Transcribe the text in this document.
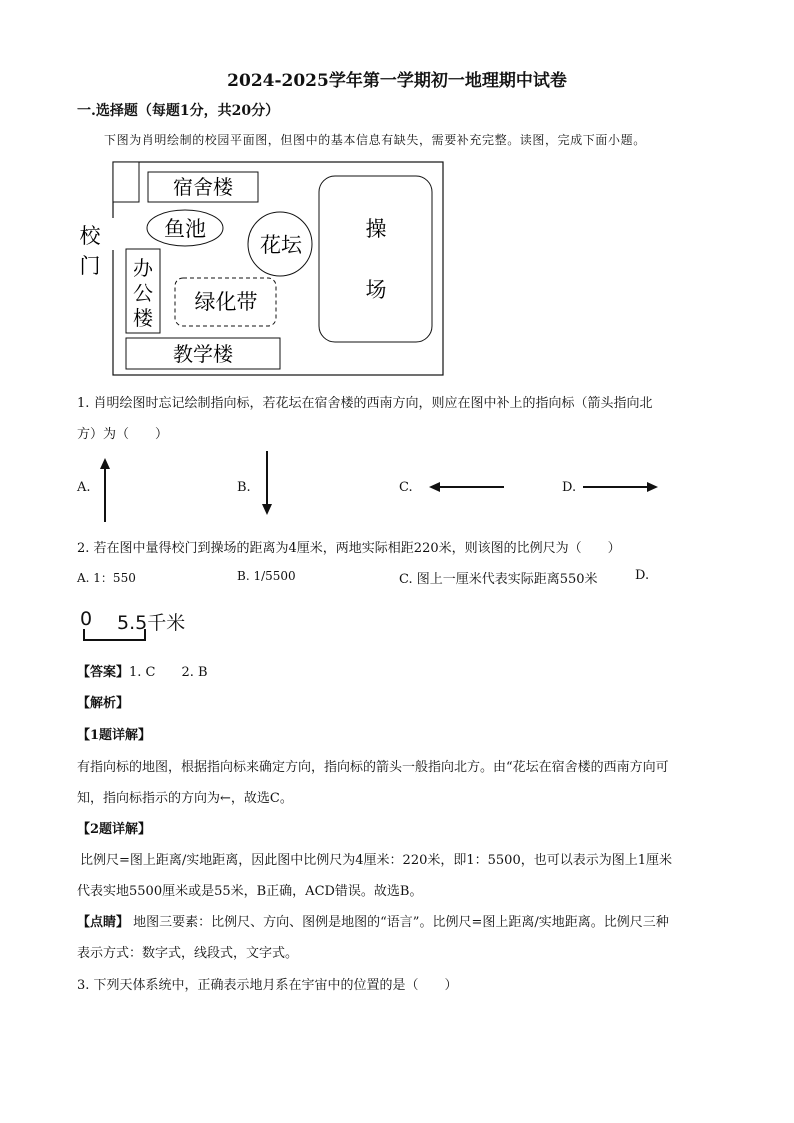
2024-2025学年第一学期初一地理期中试卷
一.选择题（每题1分，共20分）
下图为肖明绘制的校园平面图，但图中的基本信息有缺失，需要补充完整。读图，完成下面小题。
宿舍楼
鱼池
花坛
办
公
楼
绿化带
教学楼
操
场
校
门
1. 肖明绘图时忘记绘制指向标，若花坛在宿舍楼的西南方向，则应在图中补上的指向标（箭头指向北
方）为（　　）
A.	B.	C.	D.
2. 若在图中量得校门到操场的距离为4厘米，两地实际相距220米，则该图的比例尺为（　　）
A. 1：550	B. 1/5500	C. 图上一厘米代表实际距离550米	D.
0 5.5千米
【答案】1. C　　2. B
【解析】
【1题详解】
有指向标的地图，根据指向标来确定方向，指向标的箭头一般指向北方。由“花坛在宿舍楼的西南方向可
知，指向标指示的方向为←，故选C。
【2题详解】
比例尺=图上距离/实地距离，因此图中比例尺为4厘米：220米，即1：5500，也可以表示为图上1厘米
代表实地5500厘米或是55米，B正确，ACD错误。故选B。
【点睛】 地图三要素：比例尺、方向、图例是地图的“语言”。比例尺=图上距离/实地距离。比例尺三种
表示方式：数字式，线段式，文字式。
3. 下列天体系统中，正确表示地月系在宇宙中的位置的是（　　）
